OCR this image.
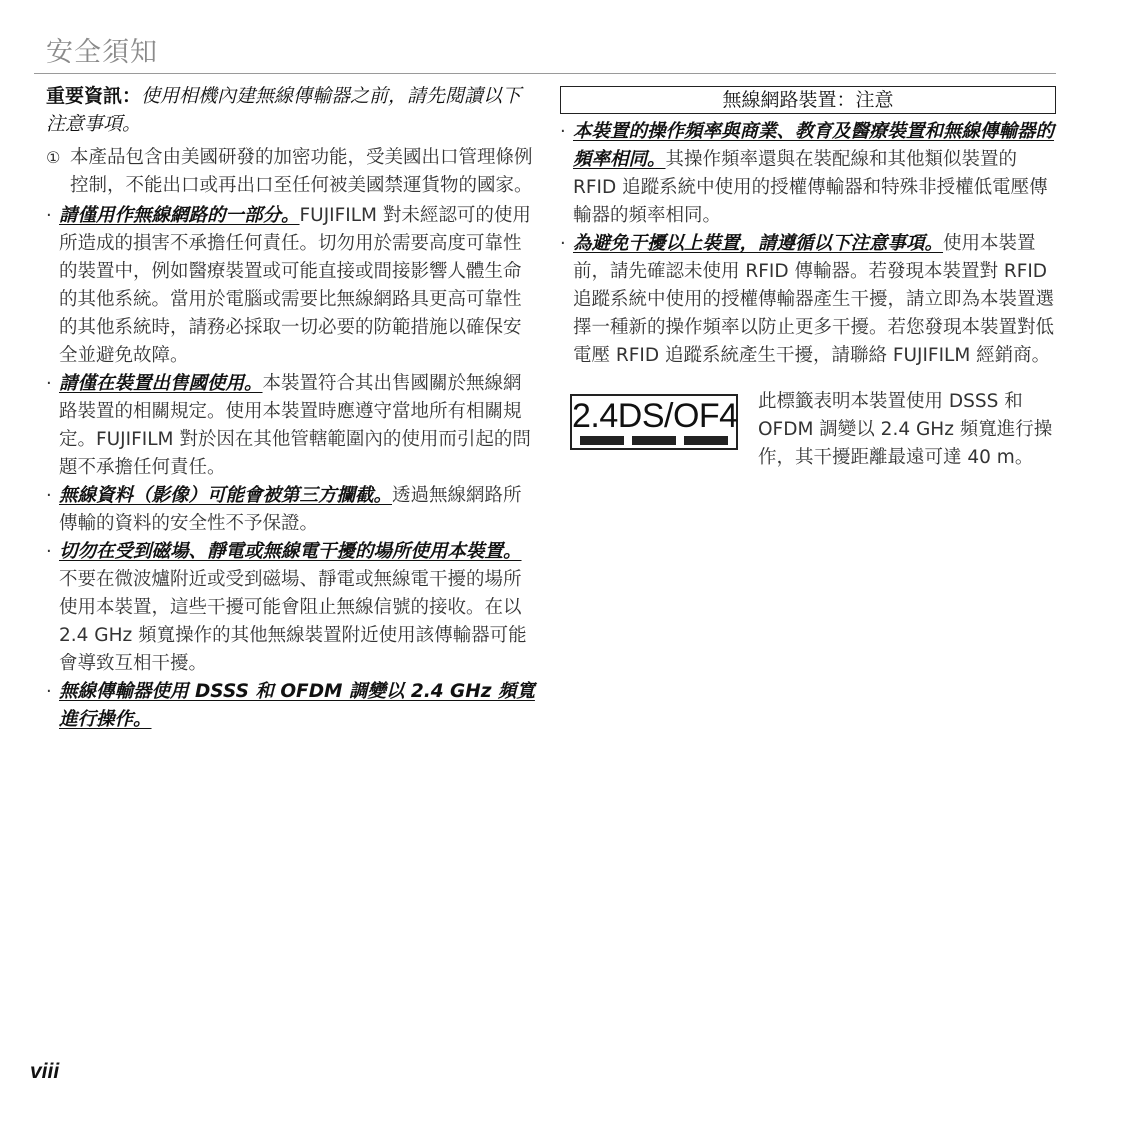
安全須知

重要資訊：使用相機內建無線傳輸器之前，請先閱讀以下注意事項。

① 本產品包含由美國研發的加密功能，受美國出口管理條例控制，不能出口或再出口至任何被美國禁運貨物的國家。
· 請僅用作無線網路的一部分。FUJIFILM 對未經認可的使用所造成的損害不承擔任何責任。切勿用於需要高度可靠性的裝置中，例如醫療裝置或可能直接或間接影響人體生命的其他系統。當用於電腦或需要比無線網路具更高可靠性的其他系統時，請務必採取一切必要的防範措施以確保安全並避免故障。
· 請僅在裝置出售國使用。本裝置符合其出售國關於無線網路裝置的相關規定。使用本裝置時應遵守當地所有相關規定。FUJIFILM 對於因在其他管轄範圍內的使用而引起的問題不承擔任何責任。
· 無線資料（影像）可能會被第三方攔截。透過無線網路所傳輸的資料的安全性不予保證。
· 切勿在受到磁場、靜電或無線電干擾的場所使用本裝置。不要在微波爐附近或受到磁場、靜電或無線電干擾的場所使用本裝置，這些干擾可能會阻止無線信號的接收。在以 2.4 GHz 頻寬操作的其他無線裝置附近使用該傳輸器可能會導致互相干擾。
· 無線傳輸器使用 DSSS 和 OFDM 調變以 2.4 GHz 頻寬進行操作。
無線網路裝置：注意
· 本裝置的操作頻率與商業、教育及醫療裝置和無線傳輸器的頻率相同。其操作頻率還與在裝配線和其他類似裝置的 RFID 追蹤系統中使用的授權傳輸器和特殊非授權低電壓傳輸器的頻率相同。
· 為避免干擾以上裝置，請遵循以下注意事項。使用本裝置前，請先確認未使用 RFID 傳輸器。若發現本裝置對 RFID 追蹤系統中使用的授權傳輸器產生干擾，請立即為本裝置選擇一種新的操作頻率以防止更多干擾。若您發現本裝置對低電壓 RFID 追蹤系統產生干擾，請聯絡 FUJIFILM 經銷商。
2.4DS/OF4 此標籤表明本裝置使用 DSSS 和 OFDM 調變以 2.4 GHz 頻寬進行操作，其干擾距離最遠可達 40 m。
viii
